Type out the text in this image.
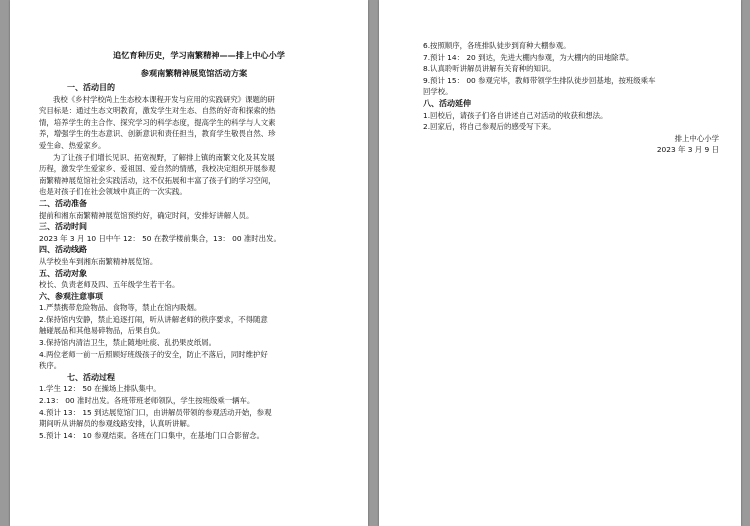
追忆育种历史，学习南繁精神——排上中心小学
参观南繁精神展览馆活动方案
一、活动目的
我校《乡村学校尚上生态校本课程开发与应用的实践研究》课题的研
究目标是：通过生态文明教育，激发学生对生态、自然的好奇和探索的热
情，培养学生的主合作、探究学习的科学态度，提高学生的科学与人文素
养，增强学生的生态意识、创新意识和责任担当，教育学生敬畏自然、珍
爱生命、热爱家乡。
为了让孩子们增长见识、拓宽视野，了解排上镇的南繁文化及其发展
历程，激发学生爱家乡、爱祖国、爱自然的情感，我校决定组织开展参观
南繁精神展览馆社会实践活动，这不仅拓展和丰富了孩子们的学习空间，
也是对孩子们在社会领域中真正的一次实践。
二、活动准备
提前和湘东南繁精神展览馆预约好，确定时间，安排好讲解人员。
三、活动时间
2023 年 3 月 10 日中午 12： 50 在教学楼前集合，13： 00 准时出发。
四、活动线路
从学校坐车到湘东南繁精神展览馆。
五、活动对象
校长、负责老师及四、五年级学生若干名。
六、参观注意事项
1.严禁携带危险物品、食物等，禁止在馆内吸烟。
2.保持馆内安静，禁止追逐打闹，听从讲解老师的秩序要求，不得随意
触碰展品和其他易碎物品，后果自负。
3.保持馆内清洁卫生，禁止随地吐痰、乱扔果皮纸屑。
4.两位老师一前一后照顾好班级孩子的安全，防止不落后，同时维护好
秩序。
七、活动过程
1.学生 12： 50 在操场上排队集中。
2.13： 00 准时出发。各班带班老师领队，学生按班级乘一辆车。
4.预计 13： 15 到达展览馆门口，由讲解员带领的参观活动开始，参观
期间听从讲解员的参观线路安排，认真听讲解。
5.预计 14： 10 参观结束。各班在门口集中，在基地门口合影留念。
6.按照顺序，各班排队徒步到育种大棚参观。
7.预计 14： 20 到达，先进大棚内参观，为大棚内的田地除草。
8.认真聆听讲解员讲解有关育种的知识。
9.预计 15： 00 参观完毕，教师带领学生排队徒步回基地，按班级乘车
回学校。
八、活动延伸
1.回校后，请孩子们各自讲述自己对活动的收获和想法。
2.回家后，将自己参观后的感受写下来。
排上中心小学
2023 年 3 月 9 日
